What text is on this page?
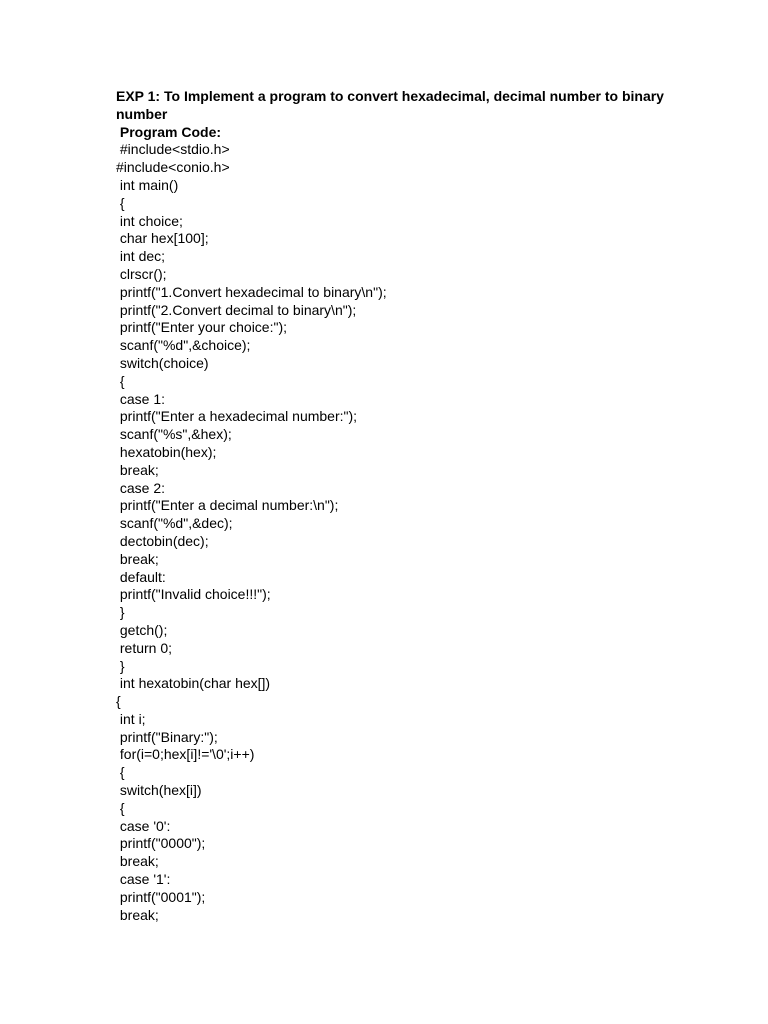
EXP 1: To Implement a program to convert hexadecimal, decimal number to binary number

Program Code:
#include<stdio.h>
#include<conio.h>
int main()
{
int choice;
char hex[100];
int dec;
clrscr();
printf("1.Convert hexadecimal to binary\n");
printf("2.Convert decimal to binary\n");
printf("Enter your choice:");
scanf("%d",&choice);
switch(choice)
{
case 1:
printf("Enter a hexadecimal number:");
scanf("%s",&hex);
hexatobin(hex);
break;
case 2:
printf("Enter a decimal number:\n");
scanf("%d",&dec);
dectobin(dec);
break;
default:
printf("Invalid choice!!!");
}
getch();
return 0;
}
int hexatobin(char hex[])
{
int i;
printf("Binary:");
for(i=0;hex[i]!='\0';i++)
{
switch(hex[i])
{
case '0':
printf("0000");
break;
case '1':
printf("0001");
break;
